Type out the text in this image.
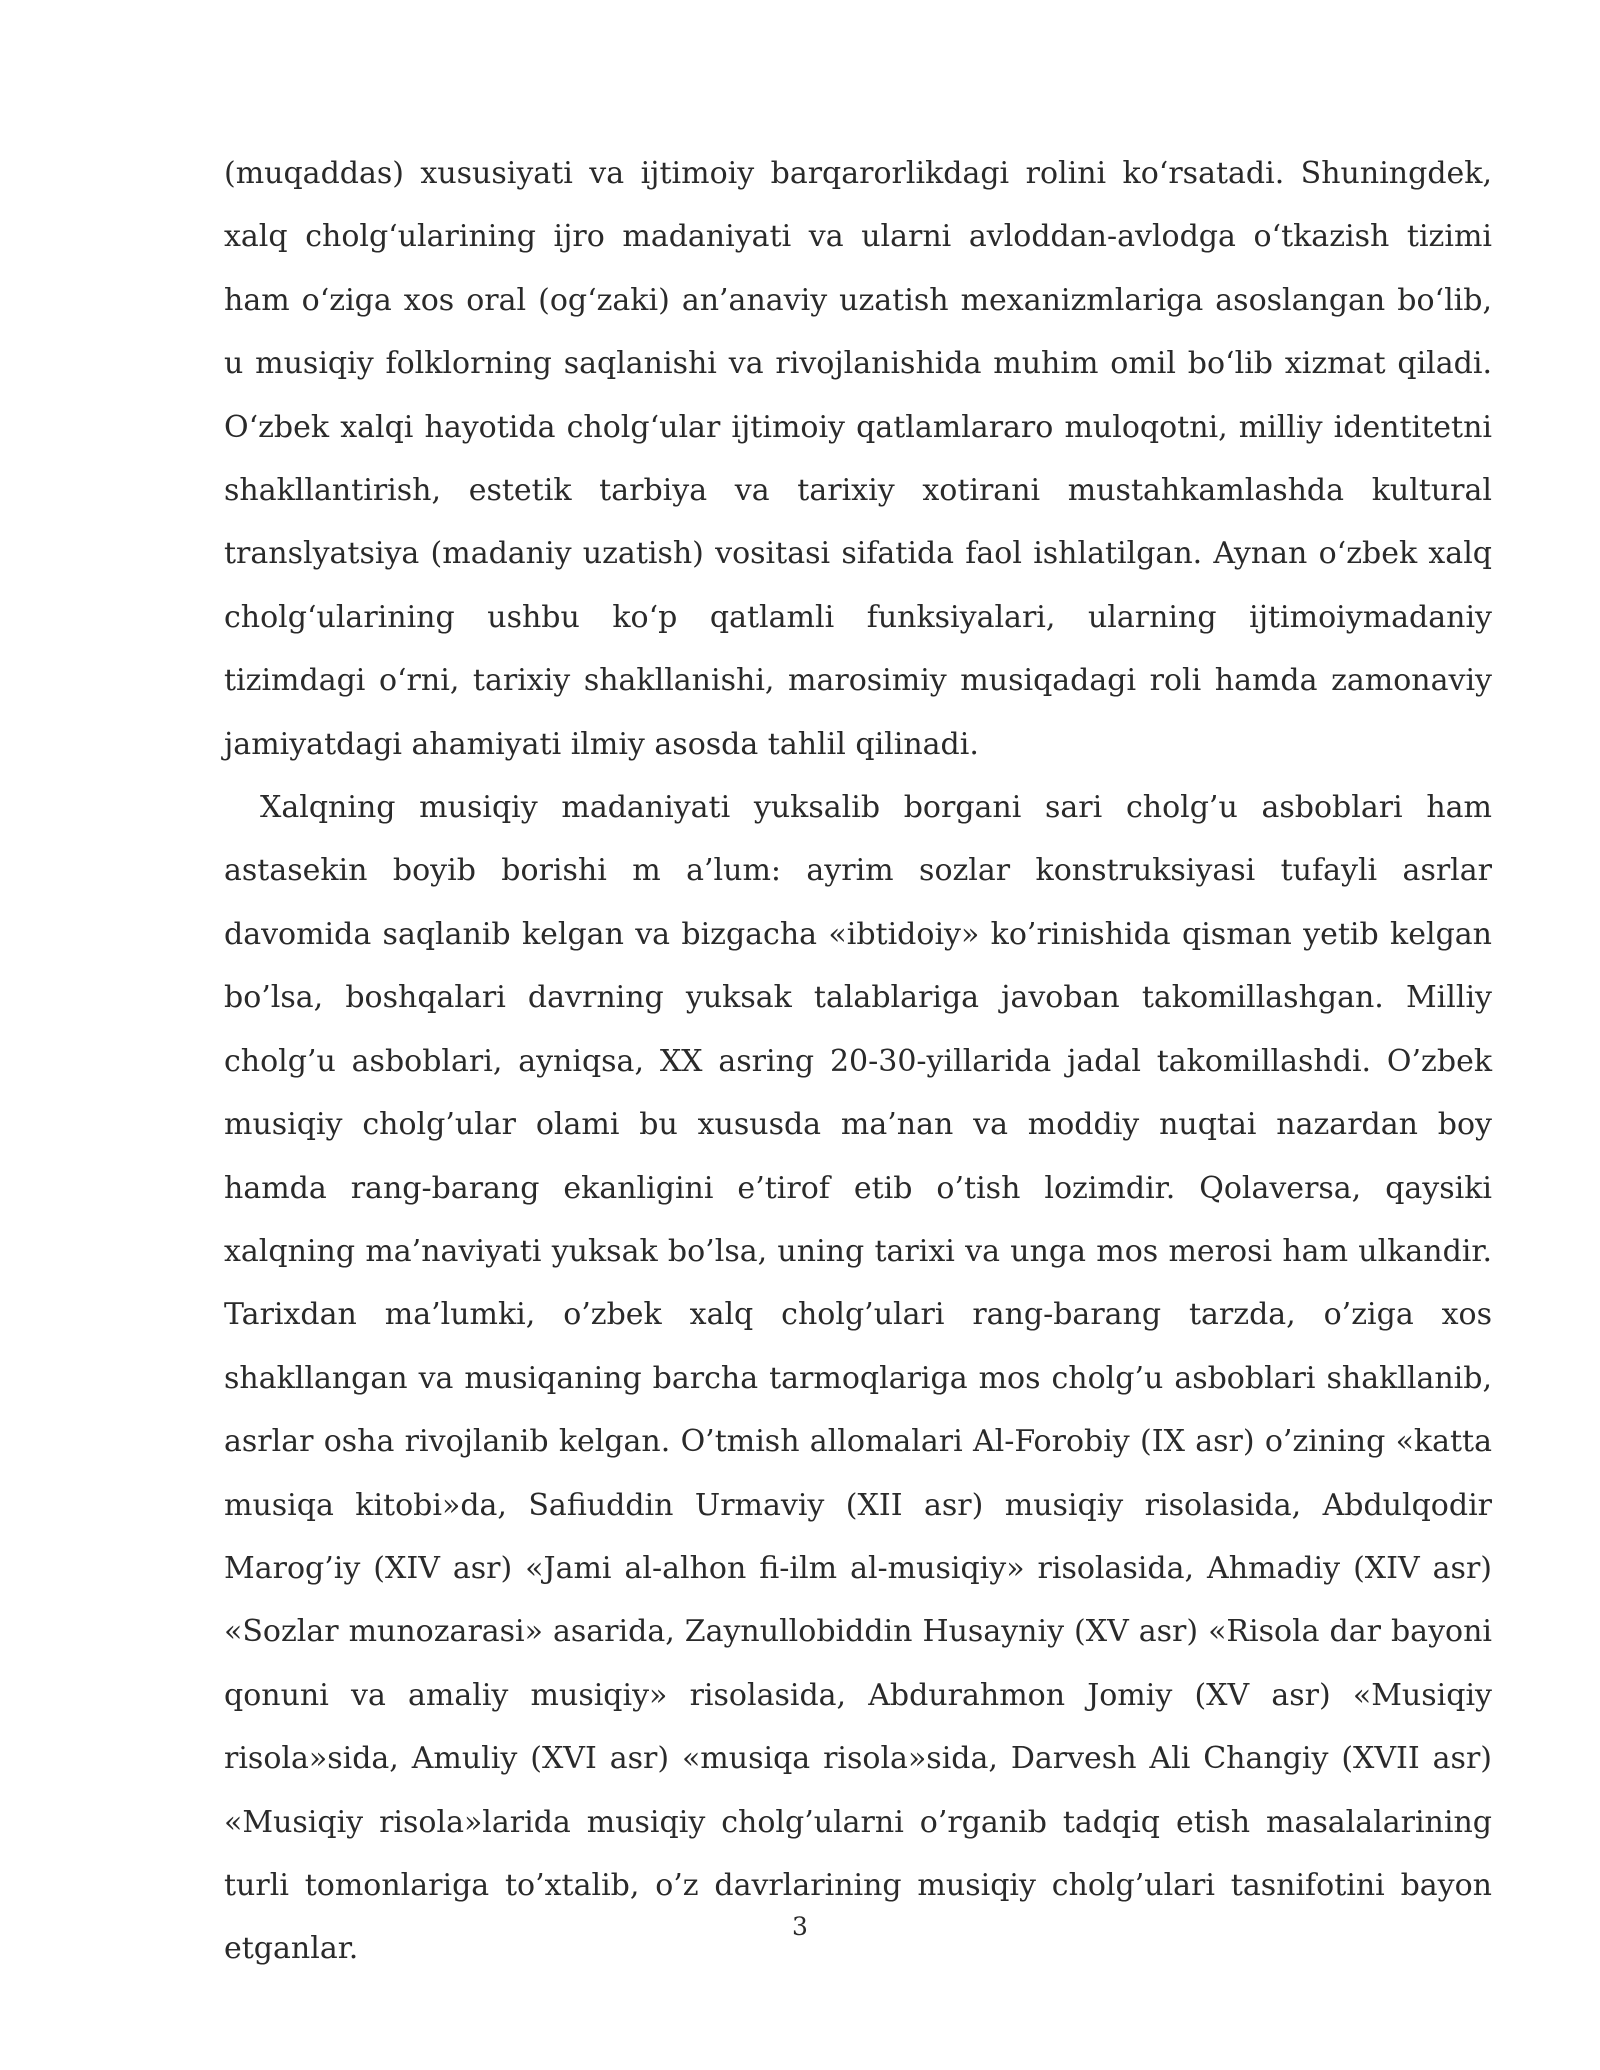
(muqaddas) xususiyati va ijtimoiy barqarorlikdagi rolini koʻrsatadi. Shuningdek, xalq cholgʻularining ijro madaniyati va ularni avloddan-avlodga oʻtkazish tizimi ham oʻziga xos oral (ogʻzaki) an’anaviy uzatish mexanizmlariga asoslangan boʻlib, u musiqiy folklorning saqlanishi va rivojlanishida muhim omil boʻlib xizmat qiladi. Oʻzbek xalqi hayotida cholgʻular ijtimoiy qatlamlararo muloqotni, milliy identitetni shakllantirish, estetik tarbiya va tarixiy xotirani mustahkamlashda kultural translyatsiya (madaniy uzatish) vositasi sifatida faol ishlatilgan. Aynan oʻzbek xalq cholgʻularining ushbu koʻp qatlamli funksiyalari, ularning ijtimoiymadaniy tizimdagi oʻrni, tarixiy shakllanishi, marosimiy musiqadagi roli hamda zamonaviy jamiyatdagi ahamiyati ilmiy asosda tahlil qilinadi.

Xalqning musiqiy madaniyati yuksalib borgani sari cholg’u asboblari ham astasekin boyib borishi m a’lum: ayrim sozlar konstruksiyasi tufayli asrlar davomida saqlanib kelgan va bizgacha «ibtidoiy» ko’rinishida qisman yetib kelgan bo’lsa, boshqalari davrning yuksak talablariga javoban takomillashgan. Milliy cholg’u asboblari, ayniqsa, XX asring 20-30-yillarida jadal takomillashdi. O’zbek musiqiy cholg’ular olami bu xususda ma’nan va moddiy nuqtai nazardan boy hamda rang-barang ekanligini e’tirof etib o’tish lozimdir. Qolaversa, qaysiki xalqning ma’naviyati yuksak bo’lsa, uning tarixi va unga mos merosi ham ulkandir. Tarixdan ma’lumki, o’zbek xalq cholg’ulari rang-barang tarzda, o’ziga xos shakllangan va musiqaning barcha tarmoqlariga mos cholg’u asboblari shakllanib, asrlar osha rivojlanib kelgan. O’tmish allomalari Al-Forobiy (IX asr) o’zining «katta musiqa kitobi»da, Safiuddin Urmaviy (XII asr) musiqiy risolasida, Abdulqodir Marog’iy (XIV asr) «Jami al-alhon fi-ilm al-musiqiy» risolasida, Ahmadiy (XIV asr) «Sozlar munozarasi» asarida, Zaynullobiddin Husayniy (XV asr) «Risola dar bayoni qonuni va amaliy musiqiy» risolasida, Abdurahmon Jomiy (XV asr) «Musiqiy risola»sida, Amuliy (XVI asr) «musiqa risola»sida, Darvesh Ali Changiy (XVII asr) «Musiqiy risola»larida musiqiy cholg’ularni o’rganib tadqiq etish masalalarining turli tomonlariga to’xtalib, o’z davrlarining musiqiy cholg’ulari tasnifotini bayon etganlar.

3
